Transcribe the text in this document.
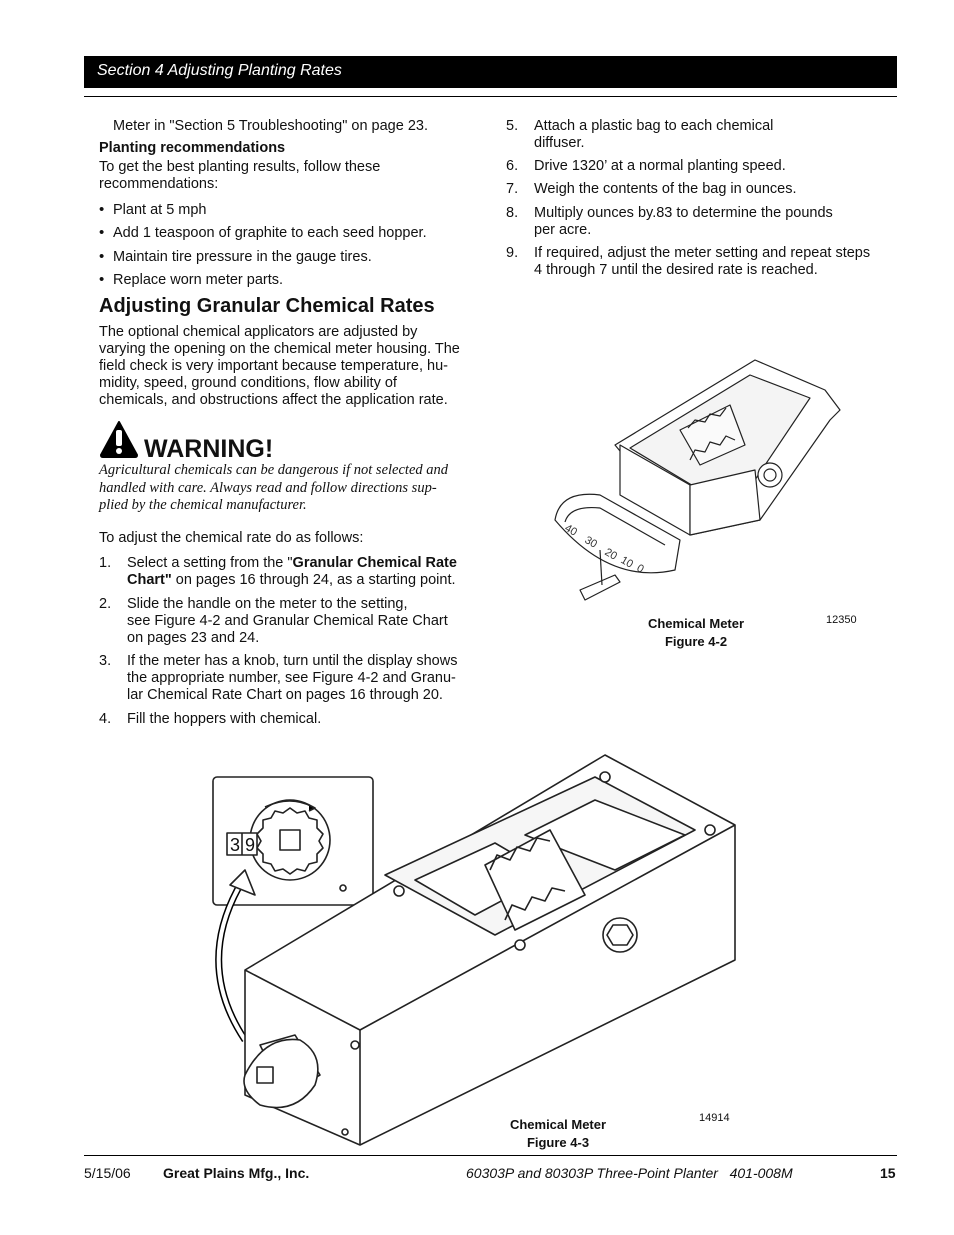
Section 4 Adjusting Planting Rates
Meter in "Section 5 Troubleshooting" on page 23.
Planting recommendations
To get the best planting results, follow these
recommendations:
• Plant at 5 mph
• Add 1 teaspoon of graphite to each seed hopper.
• Maintain tire pressure in the gauge tires.
• Replace worn meter parts.
Adjusting Granular Chemical Rates
The optional chemical applicators are adjusted by
varying the opening on the chemical meter housing. The
field check is very important because temperature, hu-
midity, speed, ground conditions, flow ability of
chemicals, and obstructions affect the application rate.
WARNING!
Agricultural chemicals can be dangerous if not selected and
handled with care. Always read and follow directions sup-
plied by the chemical manufacturer.
To adjust the chemical rate do as follows:
1. Select a setting from the "Granular Chemical Rate
Chart" on pages 16 through 24, as a starting point.
2. Slide the handle on the meter to the setting,
see Figure 4-2 and Granular Chemical Rate Chart
on pages 23 and 24.
3. If the meter has a knob, turn until the display shows
the appropriate number, see Figure 4-2 and Granu-
lar Chemical Rate Chart on pages 16 through 20.
4. Fill the hoppers with chemical.
5. Attach a plastic bag to each chemical
diffuser.
6. Drive 1320’ at a normal planting speed.
7. Weigh the contents of the bag in ounces.
8. Multiply ounces by.83 to determine the pounds
per acre.
9. If required, adjust the meter setting and repeat steps
4 through 7 until the desired rate is reached.
40
30
20 10 0
Chemical Meter
Figure 4-2
12350
3 9
Chemical Meter
Figure 4-3
14914
5/15/06 Great Plains Mfg., Inc.	60303P and 80303P Three-Point Planter   401-008M	15
